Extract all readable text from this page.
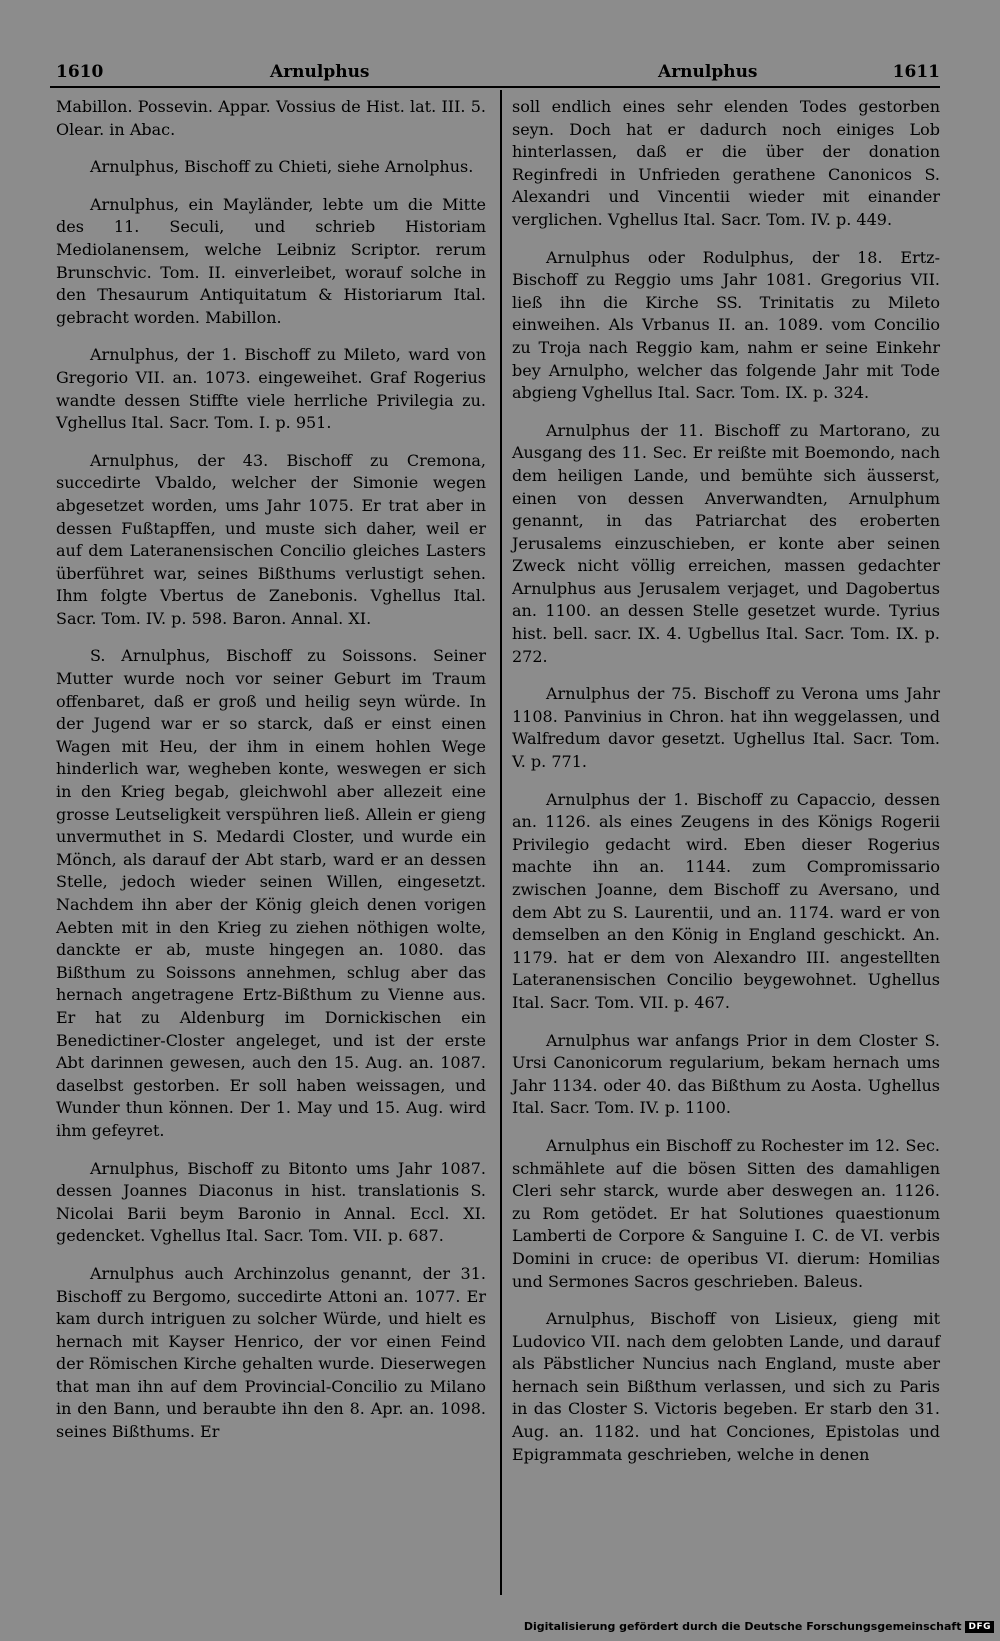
1610	Arnulphus	Arnulphus	1611

Mabillon. Possevin. Appar. Vossius de Hist. lat. III. 5. Olear. in Abac.

Arnulphus, Bischoff zu Chieti, siehe Arnolphus.

Arnulphus, ein Mayländer, lebte um die Mitte des 11. Seculi, und schrieb Historiam Mediolanensem, welche Leibniz Scriptor. rerum Brunschvic. Tom. II. einverleibet, worauf solche in den Thesaurum Antiquitatum & Historiarum Ital. gebracht worden. Mabillon.

Arnulphus, der 1. Bischoff zu Mileto, ward von Gregorio VII. an. 1073. eingeweihet. Graf Rogerius wandte dessen Stiffte viele herrliche Privilegia zu. Vghellus Ital. Sacr. Tom. I. p. 951.

Arnulphus, der 43. Bischoff zu Cremona, succedirte Vbaldo, welcher der Simonie wegen abgesetzet worden, ums Jahr 1075. Er trat aber in dessen Fußtapffen, und muste sich daher, weil er auf dem Lateranensischen Concilio gleiches Lasters überführet war, seines Bißthums verlustigt sehen. Ihm folgte Vbertus de Zanebonis. Vghellus Ital. Sacr. Tom. IV. p. 598. Baron. Annal. XI.

S. Arnulphus, Bischoff zu Soissons. Seiner Mutter wurde noch vor seiner Geburt im Traum offenbaret, daß er groß und heilig seyn würde. In der Jugend war er so starck, daß er einst einen Wagen mit Heu, der ihm in einem hohlen Wege hinderlich war, wegheben konte, weswegen er sich in den Krieg begab, gleichwohl aber allezeit eine grosse Leutseligkeit verspühren ließ. Allein er gieng unvermuthet in S. Medardi Closter, und wurde ein Mönch, als darauf der Abt starb, ward er an dessen Stelle, jedoch wieder seinen Willen, eingesetzt. Nachdem ihn aber der König gleich denen vorigen Aebten mit in den Krieg zu ziehen nöthigen wolte, danckte er ab, muste hingegen an. 1080. das Bißthum zu Soissons annehmen, schlug aber das hernach angetragene Ertz-Bißthum zu Vienne aus. Er hat zu Aldenburg im Dornickischen ein Benedictiner-Closter angeleget, und ist der erste Abt darinnen gewesen, auch den 15. Aug. an. 1087. daselbst gestorben. Er soll haben weissagen, und Wunder thun können. Der 1. May und 15. Aug. wird ihm gefeyret.

Arnulphus, Bischoff zu Bitonto ums Jahr 1087. dessen Joannes Diaconus in hist. translationis S. Nicolai Barii beym Baronio in Annal. Eccl. XI. gedencket. Vghellus Ital. Sacr. Tom. VII. p. 687.

Arnulphus auch Archinzolus genannt, der 31. Bischoff zu Bergomo, succedirte Attoni an. 1077. Er kam durch intriguen zu solcher Würde, und hielt es hernach mit Kayser Henrico, der vor einen Feind der Römischen Kirche gehalten wurde. Dieserwegen that man ihn auf dem Provincial-Concilio zu Milano in den Bann, und beraubte ihn den 8. Apr. an. 1098. seines Bißthums. Er

soll endlich eines sehr elenden Todes gestorben seyn. Doch hat er dadurch noch einiges Lob hinterlassen, daß er die über der donation Reginfredi in Unfrieden gerathene Canonicos S. Alexandri und Vincentii wieder mit einander verglichen. Vghellus Ital. Sacr. Tom. IV. p. 449.

Arnulphus oder Rodulphus, der 18. Ertz-Bischoff zu Reggio ums Jahr 1081. Gregorius VII. ließ ihn die Kirche SS. Trinitatis zu Mileto einweihen. Als Vrbanus II. an. 1089. vom Concilio zu Troja nach Reggio kam, nahm er seine Einkehr bey Arnulpho, welcher das folgende Jahr mit Tode abgieng Vghellus Ital. Sacr. Tom. IX. p. 324.

Arnulphus der 11. Bischoff zu Martorano, zu Ausgang des 11. Sec. Er reißte mit Boemondo, nach dem heiligen Lande, und bemühte sich äusserst, einen von dessen Anverwandten, Arnulphum genannt, in das Patriarchat des eroberten Jerusalems einzuschieben, er konte aber seinen Zweck nicht völlig erreichen, massen gedachter Arnulphus aus Jerusalem verjaget, und Dagobertus an. 1100. an dessen Stelle gesetzet wurde. Tyrius hist. bell. sacr. IX. 4. Ugbellus Ital. Sacr. Tom. IX. p. 272.

Arnulphus der 75. Bischoff zu Verona ums Jahr 1108. Panvinius in Chron. hat ihn weggelassen, und Walfredum davor gesetzt. Ughellus Ital. Sacr. Tom. V. p. 771.

Arnulphus der 1. Bischoff zu Capaccio, dessen an. 1126. als eines Zeugens in des Königs Rogerii Privilegio gedacht wird. Eben dieser Rogerius machte ihn an. 1144. zum Compromissario zwischen Joanne, dem Bischoff zu Aversano, und dem Abt zu S. Laurentii, und an. 1174. ward er von demselben an den König in England geschickt. An. 1179. hat er dem von Alexandro III. angestellten Lateranensischen Concilio beygewohnet. Ughellus Ital. Sacr. Tom. VII. p. 467.

Arnulphus war anfangs Prior in dem Closter S. Ursi Canonicorum regularium, bekam hernach ums Jahr 1134. oder 40. das Bißthum zu Aosta. Ughellus Ital. Sacr. Tom. IV. p. 1100.

Arnulphus ein Bischoff zu Rochester im 12. Sec. schmählete auf die bösen Sitten des damahligen Cleri sehr starck, wurde aber deswegen an. 1126. zu Rom getödet. Er hat Solutiones quaestionum Lamberti de Corpore & Sanguine I. C. de VI. verbis Domini in cruce: de operibus VI. dierum: Homilias und Sermones Sacros geschrieben. Baleus.

Arnulphus, Bischoff von Lisieux, gieng mit Ludovico VII. nach dem gelobten Lande, und darauf als Päbstlicher Nuncius nach England, muste aber hernach sein Bißthum verlassen, und sich zu Paris in das Closter S. Victoris begeben. Er starb den 31. Aug. an. 1182. und hat Conciones, Epistolas und Epigrammata geschrieben, welche in denen

Digitalisierung gefördert durch die Deutsche Forschungsgemeinschaft DFG
